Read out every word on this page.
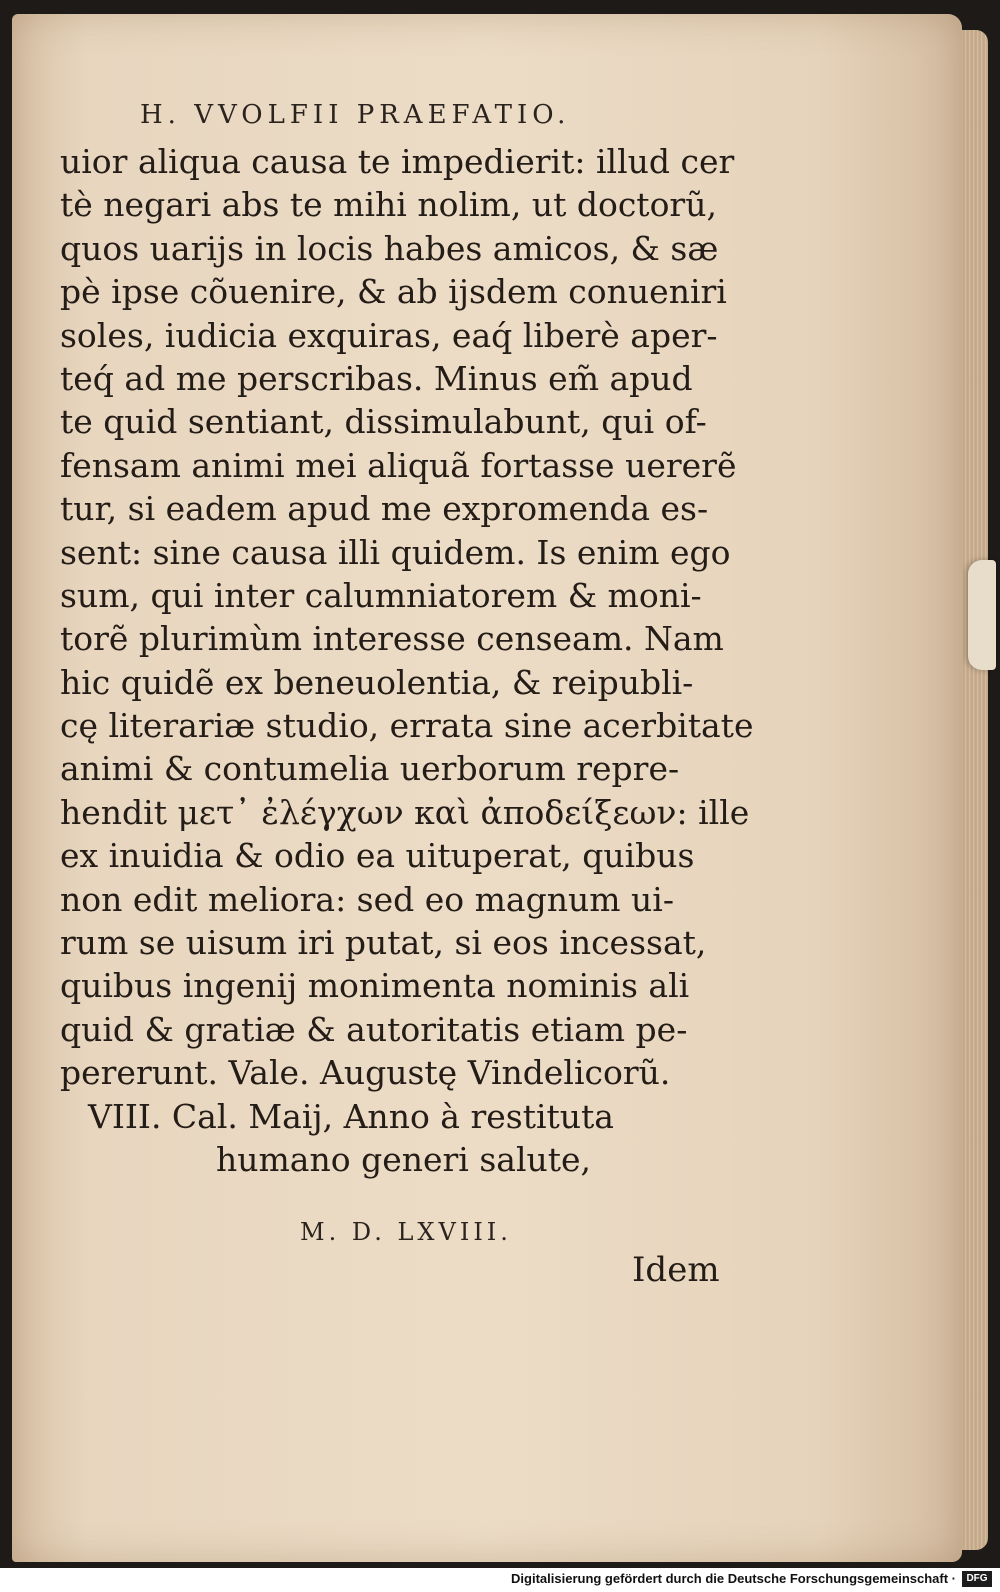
H. VVOLFII PRAEFATIO.
uior aliqua causa te impedierit: illud cer
tè negari abs te mihi nolim, ut doctorũ,
quos uarijs in locis habes amicos, & sæ
pè ipse cõuenire, & ab ijsdem conueniri
soles, iudicia exquiras, eaq́ liberè aper-
teq́ ad me perscribas. Minus em̃ apud
te quid sentiant, dissimulabunt, qui of-
fensam animi mei aliquã fortasse uererẽ
tur, si eadem apud me expromenda es-
sent: sine causa illi quidem. Is enim ego
sum, qui inter calumniatorem & moni-
torẽ plurimùm interesse censeam. Nam
hic quidẽ ex beneuolentia, & reipubli-
cę literariæ studio, errata sine acerbitate
animi & contumelia uerborum repre-
hendit μετ᾽ ἐλέγχων καὶ ἀποδείξεων: ille
ex inuidia & odio ea uituperat, quibus
non edit meliora: sed eo magnum ui-
rum se uisum iri putat, si eos incessat,
quibus ingenij monimenta nominis ali
quid & gratiæ & autoritatis etiam pe-
pererunt. Vale. Augustę Vindelicorũ.
VIII. Cal. Maij, Anno à restituta
humano generi salute,
M. D. LXVIII.
Idem
Digitalisierung gefördert durch die Deutsche Forschungsgemeinschaft ·	DFG
